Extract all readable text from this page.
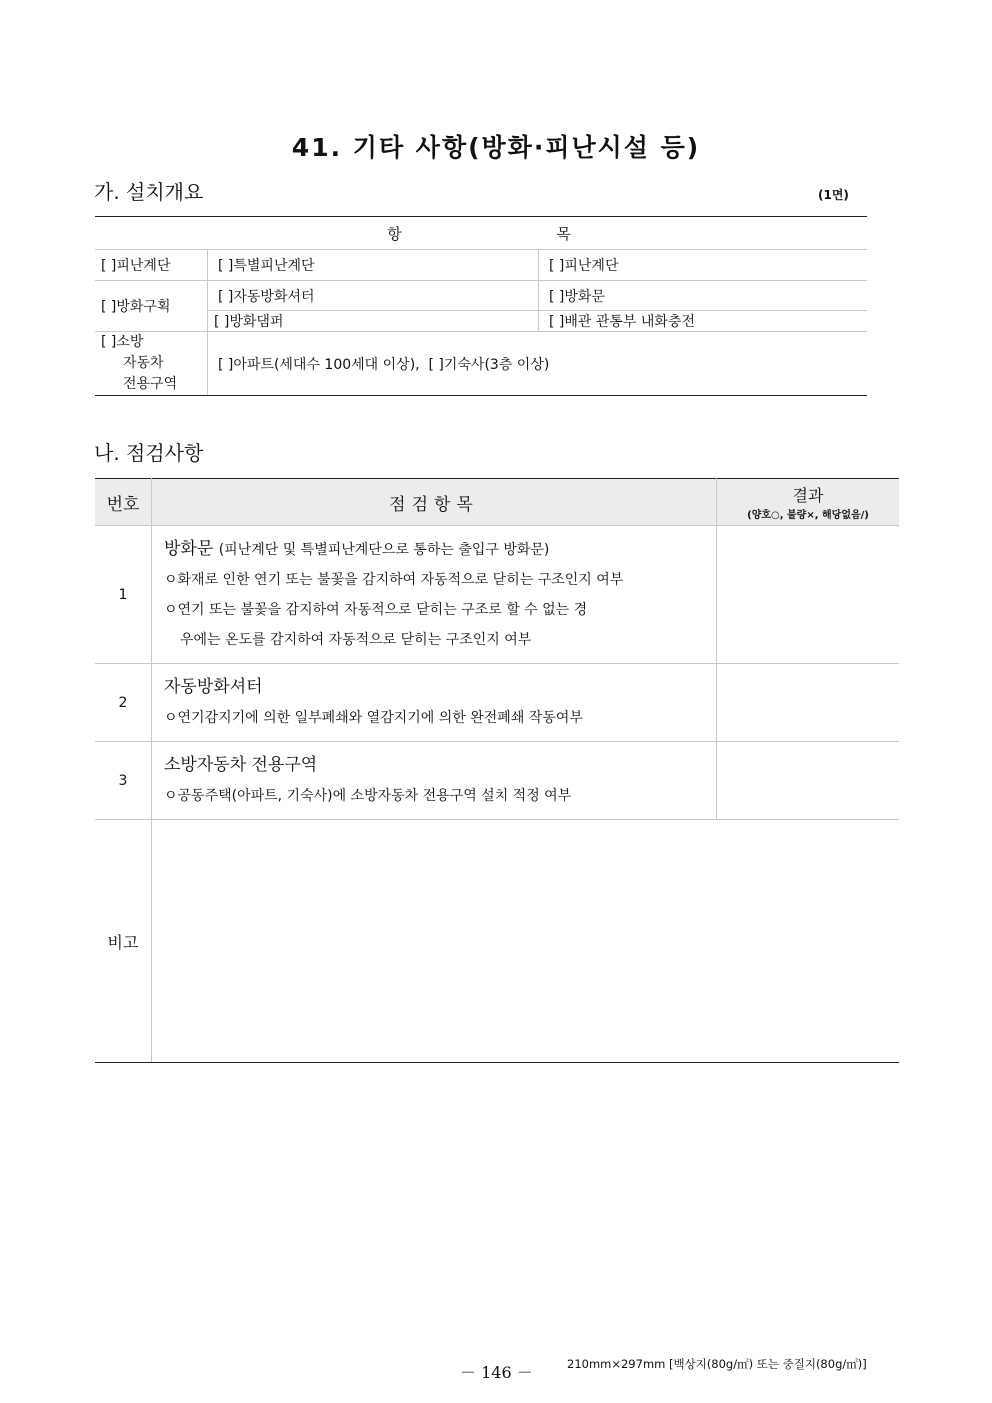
41. 기타 사항(방화·피난시설 등)
가. 설치개요	(1면)
항 목		
[ ]피난계단	[ ]특별피난계단	[ ]피난계단
[ ]방화구획	[ ]자동방화셔터	[ ]방화문
	[ ]방화댐퍼	[ ]배관 관통부 내화충전

[ ]소방
자동차
전용구역	[ ]아파트(세대수 100세대 이상),  [ ]기숙사(3층 이상)	
나. 점검사항
번호	점검항목	결과
(양호○, 불량×, 해당없음/)

1	방화문 (피난계단 및 특별피난계단으로 통하는 출입구 방화문)
ㅇ화재로 인한 연기 또는 불꽃을 감지하여 자동적으로 닫히는 구조인지 여부
ㅇ연기 또는 불꽃을 감지하여 자동적으로 닫히는 구조로 할 수 없는 경
우에는 온도를 감지하여 자동적으로 닫히는 구조인지 여부	

2	자동방화셔터
ㅇ연기감지기에 의한 일부폐쇄와 열감지기에 의한 완전폐쇄 작동여부	

3	소방자동차 전용구역
ㅇ공동주택(아파트, 기숙사)에 소방자동차 전용구역 설치 적정 여부	

비고		
－ 146 －	210mm×297mm [백상지(80g/㎡) 또는 중질지(80g/㎡)]
